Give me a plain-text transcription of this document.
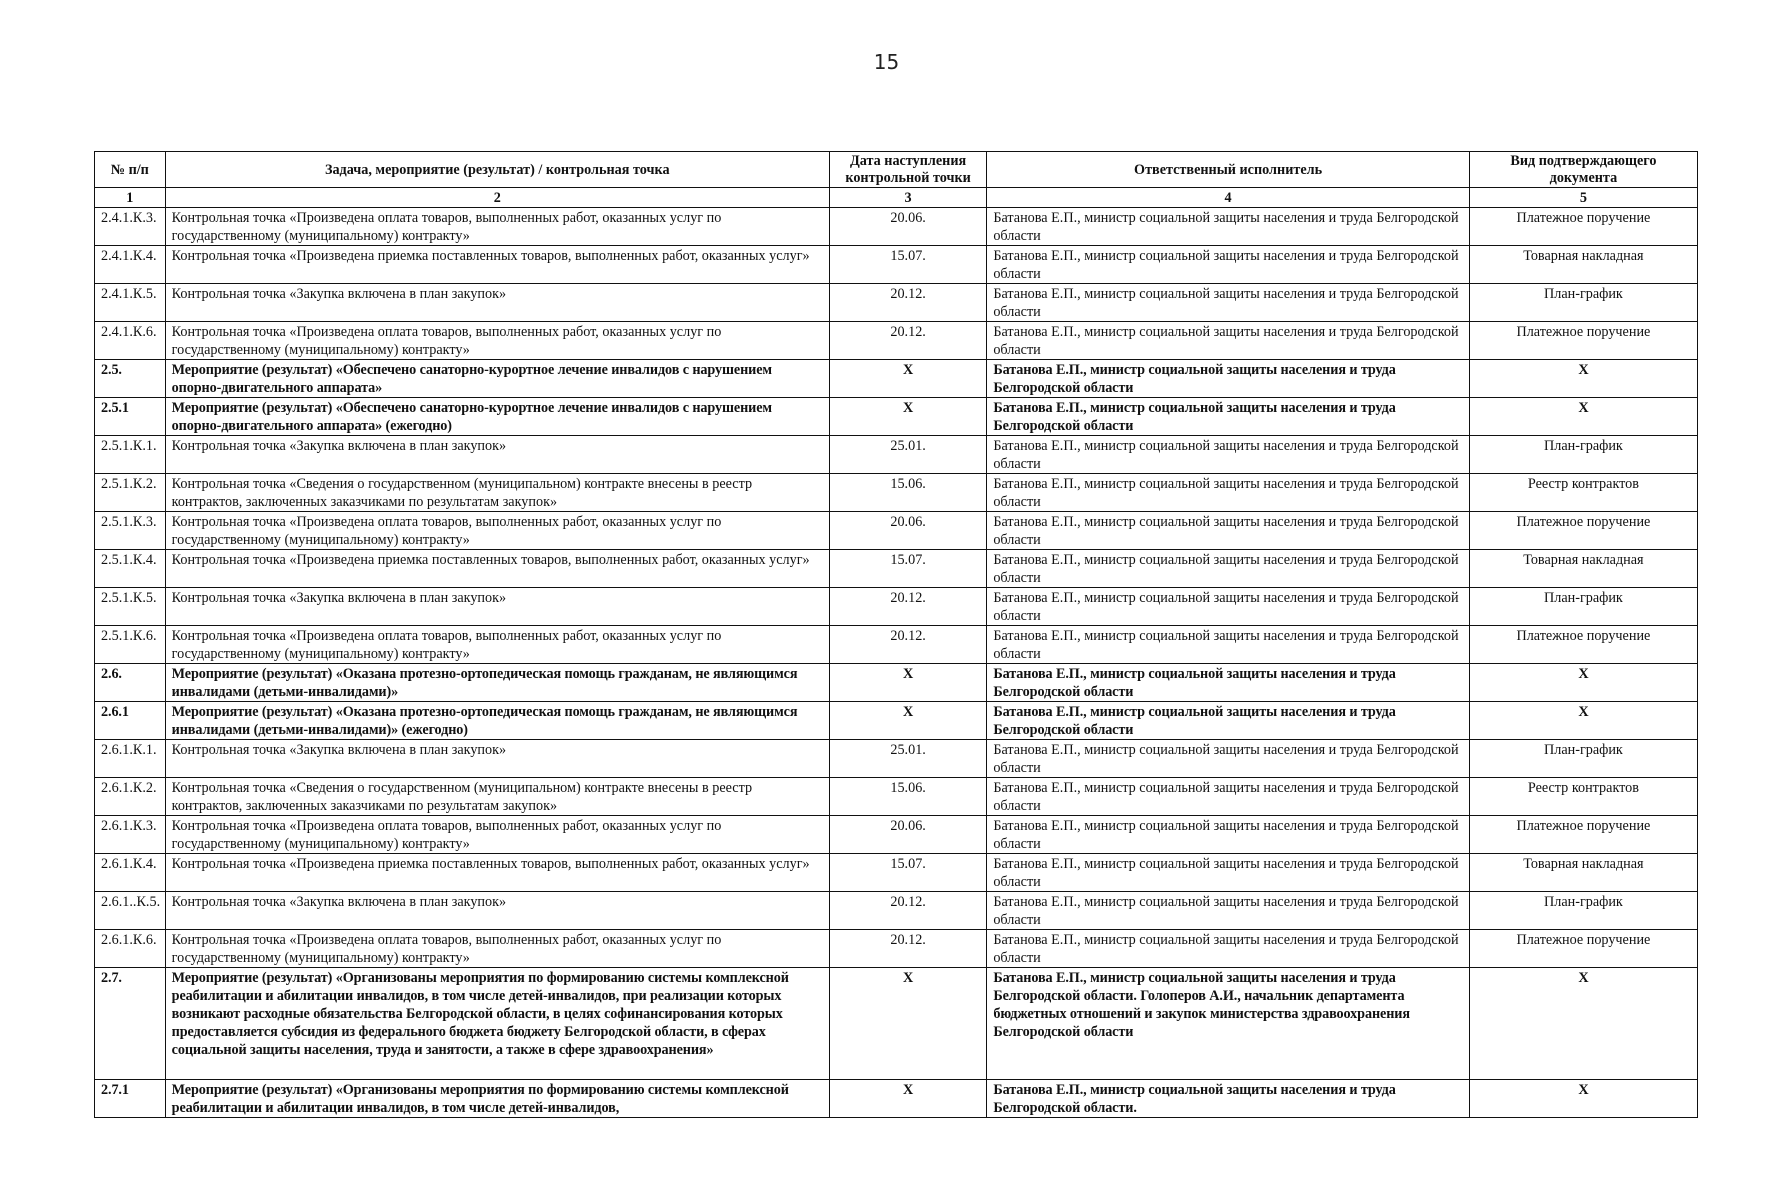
15
№ п/п	Задача, мероприятие (результат) / контрольная точка	Дата наступления контрольной точки	Ответственный исполнитель	Вид подтверждающего документа
1	2	3	4	5
2.4.1.К.3.	Контрольная точка «Произведена оплата товаров, выполненных работ, оказанных услуг по государственному (муниципальному) контракту»	20.06.	Батанова Е.П., министр социальной защиты населения и труда Белгородской области	Платежное поручение
2.4.1.К.4.	Контрольная точка «Произведена приемка поставленных товаров, выполненных работ, оказанных услуг»	15.07.	Батанова Е.П., министр социальной защиты населения и труда Белгородской области	Товарная накладная
2.4.1.К.5.	Контрольная точка «Закупка включена в план закупок»	20.12.	Батанова Е.П., министр социальной защиты населения и труда Белгородской области	План-график
2.4.1.К.6.	Контрольная точка «Произведена оплата товаров, выполненных работ, оказанных услуг по государственному (муниципальному) контракту»	20.12.	Батанова Е.П., министр социальной защиты населения и труда Белгородской области	Платежное поручение
2.5.	Мероприятие (результат) «Обеспечено санаторно-курортное лечение инвалидов с нарушением опорно-двигательного аппарата»	X	Батанова Е.П., министр социальной защиты населения и труда Белгородской области	X
2.5.1	Мероприятие (результат) «Обеспечено санаторно-курортное лечение инвалидов с нарушением опорно-двигательного аппарата» (ежегодно)	X	Батанова Е.П., министр социальной защиты населения и труда Белгородской области	X
2.5.1.К.1.	Контрольная точка «Закупка включена в план закупок»	25.01.	Батанова Е.П., министр социальной защиты населения и труда Белгородской области	План-график
2.5.1.К.2.	Контрольная точка «Сведения о государственном (муниципальном) контракте внесены в реестр контрактов, заключенных заказчиками по результатам закупок»	15.06.	Батанова Е.П., министр социальной защиты населения и труда Белгородской области	Реестр контрактов
2.5.1.К.3.	Контрольная точка «Произведена оплата товаров, выполненных работ, оказанных услуг по государственному (муниципальному) контракту»	20.06.	Батанова Е.П., министр социальной защиты населения и труда Белгородской области	Платежное поручение
2.5.1.К.4.	Контрольная точка «Произведена приемка поставленных товаров, выполненных работ, оказанных услуг»	15.07.	Батанова Е.П., министр социальной защиты населения и труда Белгородской области	Товарная накладная
2.5.1.К.5.	Контрольная точка «Закупка включена в план закупок»	20.12.	Батанова Е.П., министр социальной защиты населения и труда Белгородской области	План-график
2.5.1.К.6.	Контрольная точка «Произведена оплата товаров, выполненных работ, оказанных услуг по государственному (муниципальному) контракту»	20.12.	Батанова Е.П., министр социальной защиты населения и труда Белгородской области	Платежное поручение
2.6.	Мероприятие (результат) «Оказана протезно-ортопедическая помощь гражданам, не являющимся инвалидами (детьми-инвалидами)»	X	Батанова Е.П., министр социальной защиты населения и труда Белгородской области	X
2.6.1	Мероприятие (результат) «Оказана протезно-ортопедическая помощь гражданам, не являющимся инвалидами (детьми-инвалидами)» (ежегодно)	X	Батанова Е.П., министр социальной защиты населения и труда Белгородской области	X
2.6.1.К.1.	Контрольная точка «Закупка включена в план закупок»	25.01.	Батанова Е.П., министр социальной защиты населения и труда Белгородской области	План-график
2.6.1.К.2.	Контрольная точка «Сведения о государственном (муниципальном) контракте внесены в реестр контрактов, заключенных заказчиками по результатам закупок»	15.06.	Батанова Е.П., министр социальной защиты населения и труда Белгородской области	Реестр контрактов
2.6.1.К.3.	Контрольная точка «Произведена оплата товаров, выполненных работ, оказанных услуг по государственному (муниципальному) контракту»	20.06.	Батанова Е.П., министр социальной защиты населения и труда Белгородской области	Платежное поручение
2.6.1.К.4.	Контрольная точка «Произведена приемка поставленных товаров, выполненных работ, оказанных услуг»	15.07.	Батанова Е.П., министр социальной защиты населения и труда Белгородской области	Товарная накладная
2.6.1..К.5.	Контрольная точка «Закупка включена в план закупок»	20.12.	Батанова Е.П., министр социальной защиты населения и труда Белгородской области	План-график
2.6.1.К.6.	Контрольная точка «Произведена оплата товаров, выполненных работ, оказанных услуг по государственному (муниципальному) контракту»	20.12.	Батанова Е.П., министр социальной защиты населения и труда Белгородской области	Платежное поручение
2.7.	Мероприятие (результат) «Организованы мероприятия по формированию системы комплексной реабилитации и абилитации инвалидов, в том числе детей-инвалидов, при реализации которых возникают расходные обязательства Белгородской области, в целях софинансирования которых предоставляется субсидия из федерального бюджета бюджету Белгородской области, в сферах социальной защиты населения, труда и занятости, а также в сфере здравоохранения»	X	Батанова Е.П., министр социальной защиты населения и труда Белгородской области. Голоперов А.И., начальник департамента бюджетных отношений и закупок министерства здравоохранения Белгородской области	X
2.7.1	Мероприятие (результат) «Организованы мероприятия по формированию системы комплексной реабилитации и абилитации инвалидов, в том числе детей-инвалидов,	X	Батанова Е.П., министр социальной защиты населения и труда Белгородской области.	X
